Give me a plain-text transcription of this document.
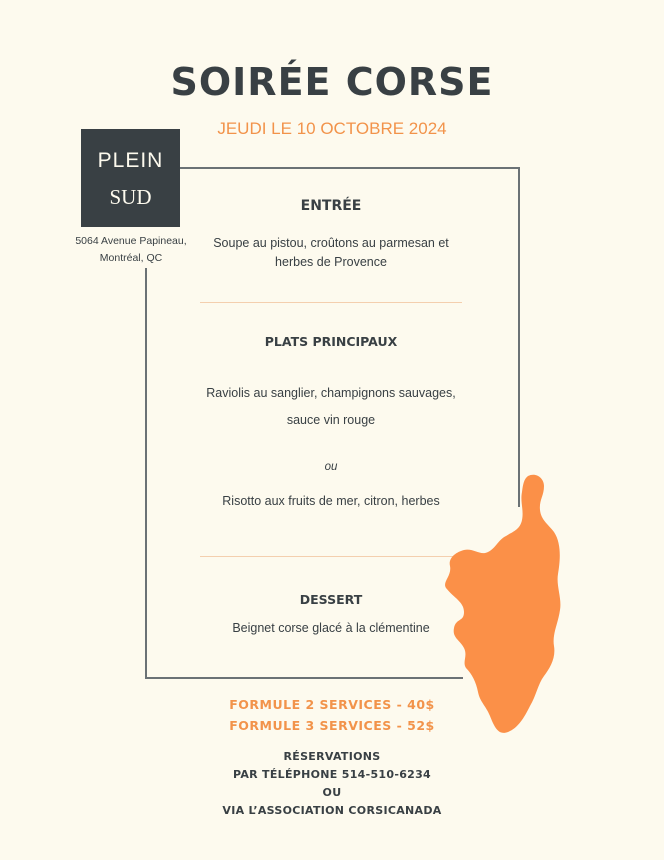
SOIRÉE CORSE
JEUDI LE 10 OCTOBRE 2024
PLEIN
SUD
5064 Avenue Papineau,
Montréal, QC
ENTRÉE
Soupe au pistou, croûtons au parmesan et
herbes de Provence
PLATS PRINCIPAUX
Raviolis au sanglier, champignons sauvages,
sauce vin rouge
ou
Risotto aux fruits de mer, citron, herbes
DESSERT
Beignet corse glacé à la clémentine
FORMULE 2 SERVICES - 40$
FORMULE 3 SERVICES - 52$
RÉSERVATIONS
PAR TÉLÉPHONE 514-510-6234
OU
VIA L’ASSOCIATION CORSICANADA
